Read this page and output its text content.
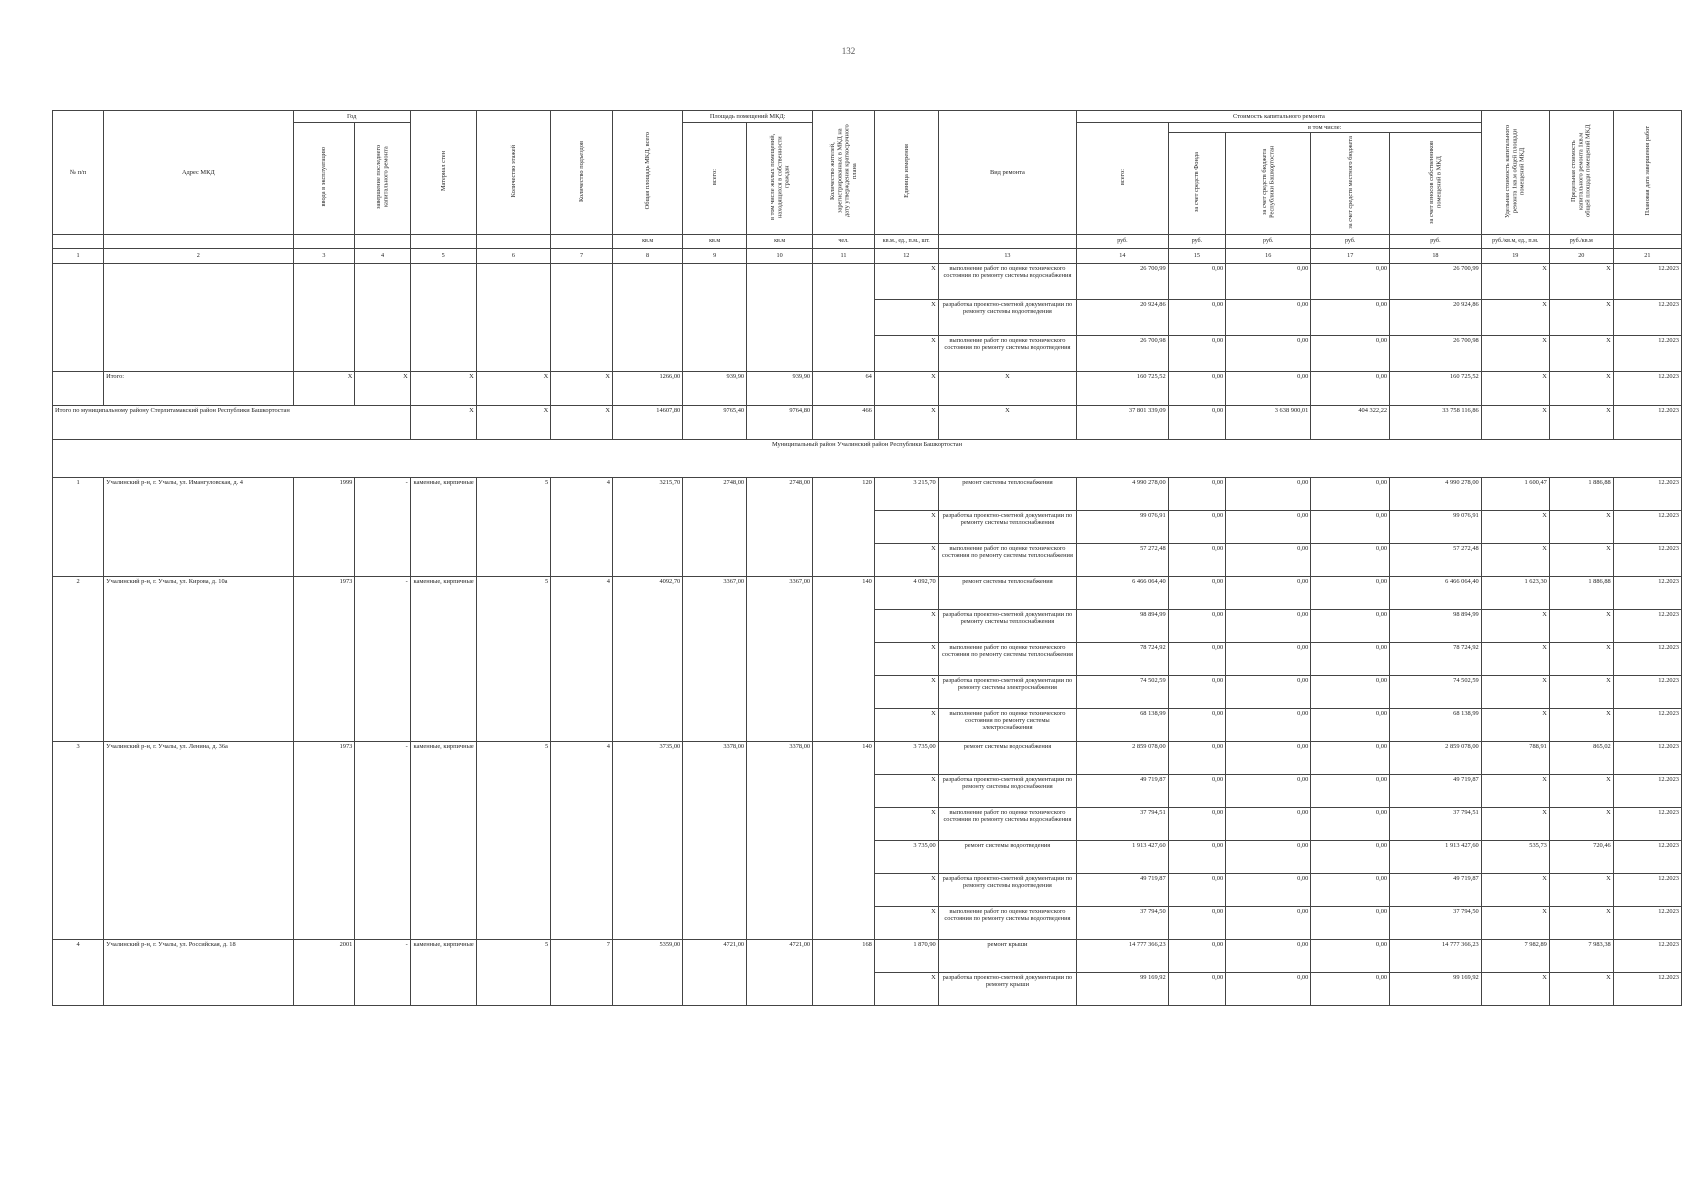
132
№ п/п	Адрес МКД	Год		Материал стен	Количество этажей	Количество подъездов	Общая площадь МКД, всего	Площадь помещений МКД:		Количество жителей, зарегистрированных в МКД на дату утверждения краткосрочного плана	Единица измерения	Вид ремонта	Стоимость капитального ремонта					Удельная стоимость капитального ремонта 1кв.м общей площади помещений МКД	Предельная стоимость капитального ремонта 1кв.м общей площади помещений МКД	Плановая дата завершения работ
		ввода в эксплуатацию	завершение последнего капитального ремонта					всего:	в том числе жилых помещений, находящихся в собственности граждан				всего:	в том числе:						
														за счет средств Фонда	за счет средств бюджета Республики Башкортостан	за счет средств местного бюджета	за счет взносов собственников помещений в МКД			
							кв.м	кв.м	кв.м	чел.	кв.м., ед., п.м., шт.		руб.	руб.	руб.	руб.	руб.	руб./кв.м, ед., п.м.	руб./кв.м	
1	2	3	4	5	6	7	8	9	10	11	12	13	14	15	16	17	18	19	20	21
											X	выполнение работ по оценке технического состояния по ремонту системы водоснабжения	26 700,99	0,00	0,00	0,00	26 700,99	X	X	12.2023
											X	разработка проектно-сметной документации по ремонту системы водоотведения	20 924,86	0,00	0,00	0,00	20 924,86	X	X	12.2023
											X	выполнение работ по оценке технического состояния по ремонту системы водоотведения	26 700,98	0,00	0,00	0,00	26 700,98	X	X	12.2023
	Итого:	X	X	X	X	X	1266,00	939,90	939,90	64	X	X	160 725,52	0,00	0,00	0,00	160 725,52	X	X	12.2023
Итого по муниципальному району Стерлитамакский район Республики Башкортостан				X	X	X	14607,80	9765,40	9764,80	466	X	X	37 801 339,09	0,00	3 638 900,01	404 322,22	33 758 116,86	X	X	12.2023
Муниципальный район Учалинский район Республики Башкортостан																				
1	Учалинский р-н, г. Учалы, ул. Имангуловская, д. 4	1999	-	каменные, кирпичные	5	4	3215,70	2748,00	2748,00	120	3 215,70	ремонт системы теплоснабжения	4 990 278,00	0,00	0,00	0,00	4 990 278,00	1 600,47	1 886,88	12.2023
											X	разработка проектно-сметной документации по ремонту системы теплоснабжения	99 076,91	0,00	0,00	0,00	99 076,91	X	X	12.2023
											X	выполнение работ по оценке технического состояния по ремонту системы теплоснабжения	57 272,48	0,00	0,00	0,00	57 272,48	X	X	12.2023
2	Учалинский р-н, г. Учалы, ул. Кирова, д. 10а	1973	-	каменные, кирпичные	5	4	4092,70	3367,00	3367,00	140	4 092,70	ремонт системы теплоснабжения	6 466 064,40	0,00	0,00	0,00	6 466 064,40	1 623,30	1 886,88	12.2023
											X	разработка проектно-сметной документации по ремонту системы теплоснабжения	98 894,99	0,00	0,00	0,00	98 894,99	X	X	12.2023
											X	выполнение работ по оценке технического состояния по ремонту системы теплоснабжения	78 724,92	0,00	0,00	0,00	78 724,92	X	X	12.2023
											X	разработка проектно-сметной документации по ремонту системы электроснабжения	74 502,59	0,00	0,00	0,00	74 502,59	X	X	12.2023
											X	выполнение работ по оценке технического состояния по ремонту системы электроснабжения	68 138,99	0,00	0,00	0,00	68 138,99	X	X	12.2023
3	Учалинский р-н, г. Учалы, ул. Ленина, д. 36а	1973	-	каменные, кирпичные	5	4	3735,00	3378,00	3378,00	140	3 735,00	ремонт системы водоснабжения	2 859 078,00	0,00	0,00	0,00	2 859 078,00	788,91	865,02	12.2023
											X	разработка проектно-сметной документации по ремонту системы водоснабжения	49 719,87	0,00	0,00	0,00	49 719,87	X	X	12.2023
											X	выполнение работ по оценке технического состояния по ремонту системы водоснабжения	37 794,51	0,00	0,00	0,00	37 794,51	X	X	12.2023
											3 735,00	ремонт системы водоотведения	1 913 427,60	0,00	0,00	0,00	1 913 427,60	535,73	720,46	12.2023
											X	разработка проектно-сметной документации по ремонту системы водоотведения	49 719,87	0,00	0,00	0,00	49 719,87	X	X	12.2023
											X	выполнение работ по оценке технического состояния по ремонту системы водоотведения	37 794,50	0,00	0,00	0,00	37 794,50	X	X	12.2023
4	Учалинский р-н, г. Учалы, ул. Российская, д. 18	2001	-	каменные, кирпичные	5	7	5359,00	4721,00	4721,00	168	1 870,90	ремонт крыши	14 777 366,23	0,00	0,00	0,00	14 777 366,23	7 982,89	7 983,38	12.2023
											X	разработка проектно-сметной документации по ремонту крыши	99 169,92	0,00	0,00	0,00	99 169,92	X	X	12.2023
